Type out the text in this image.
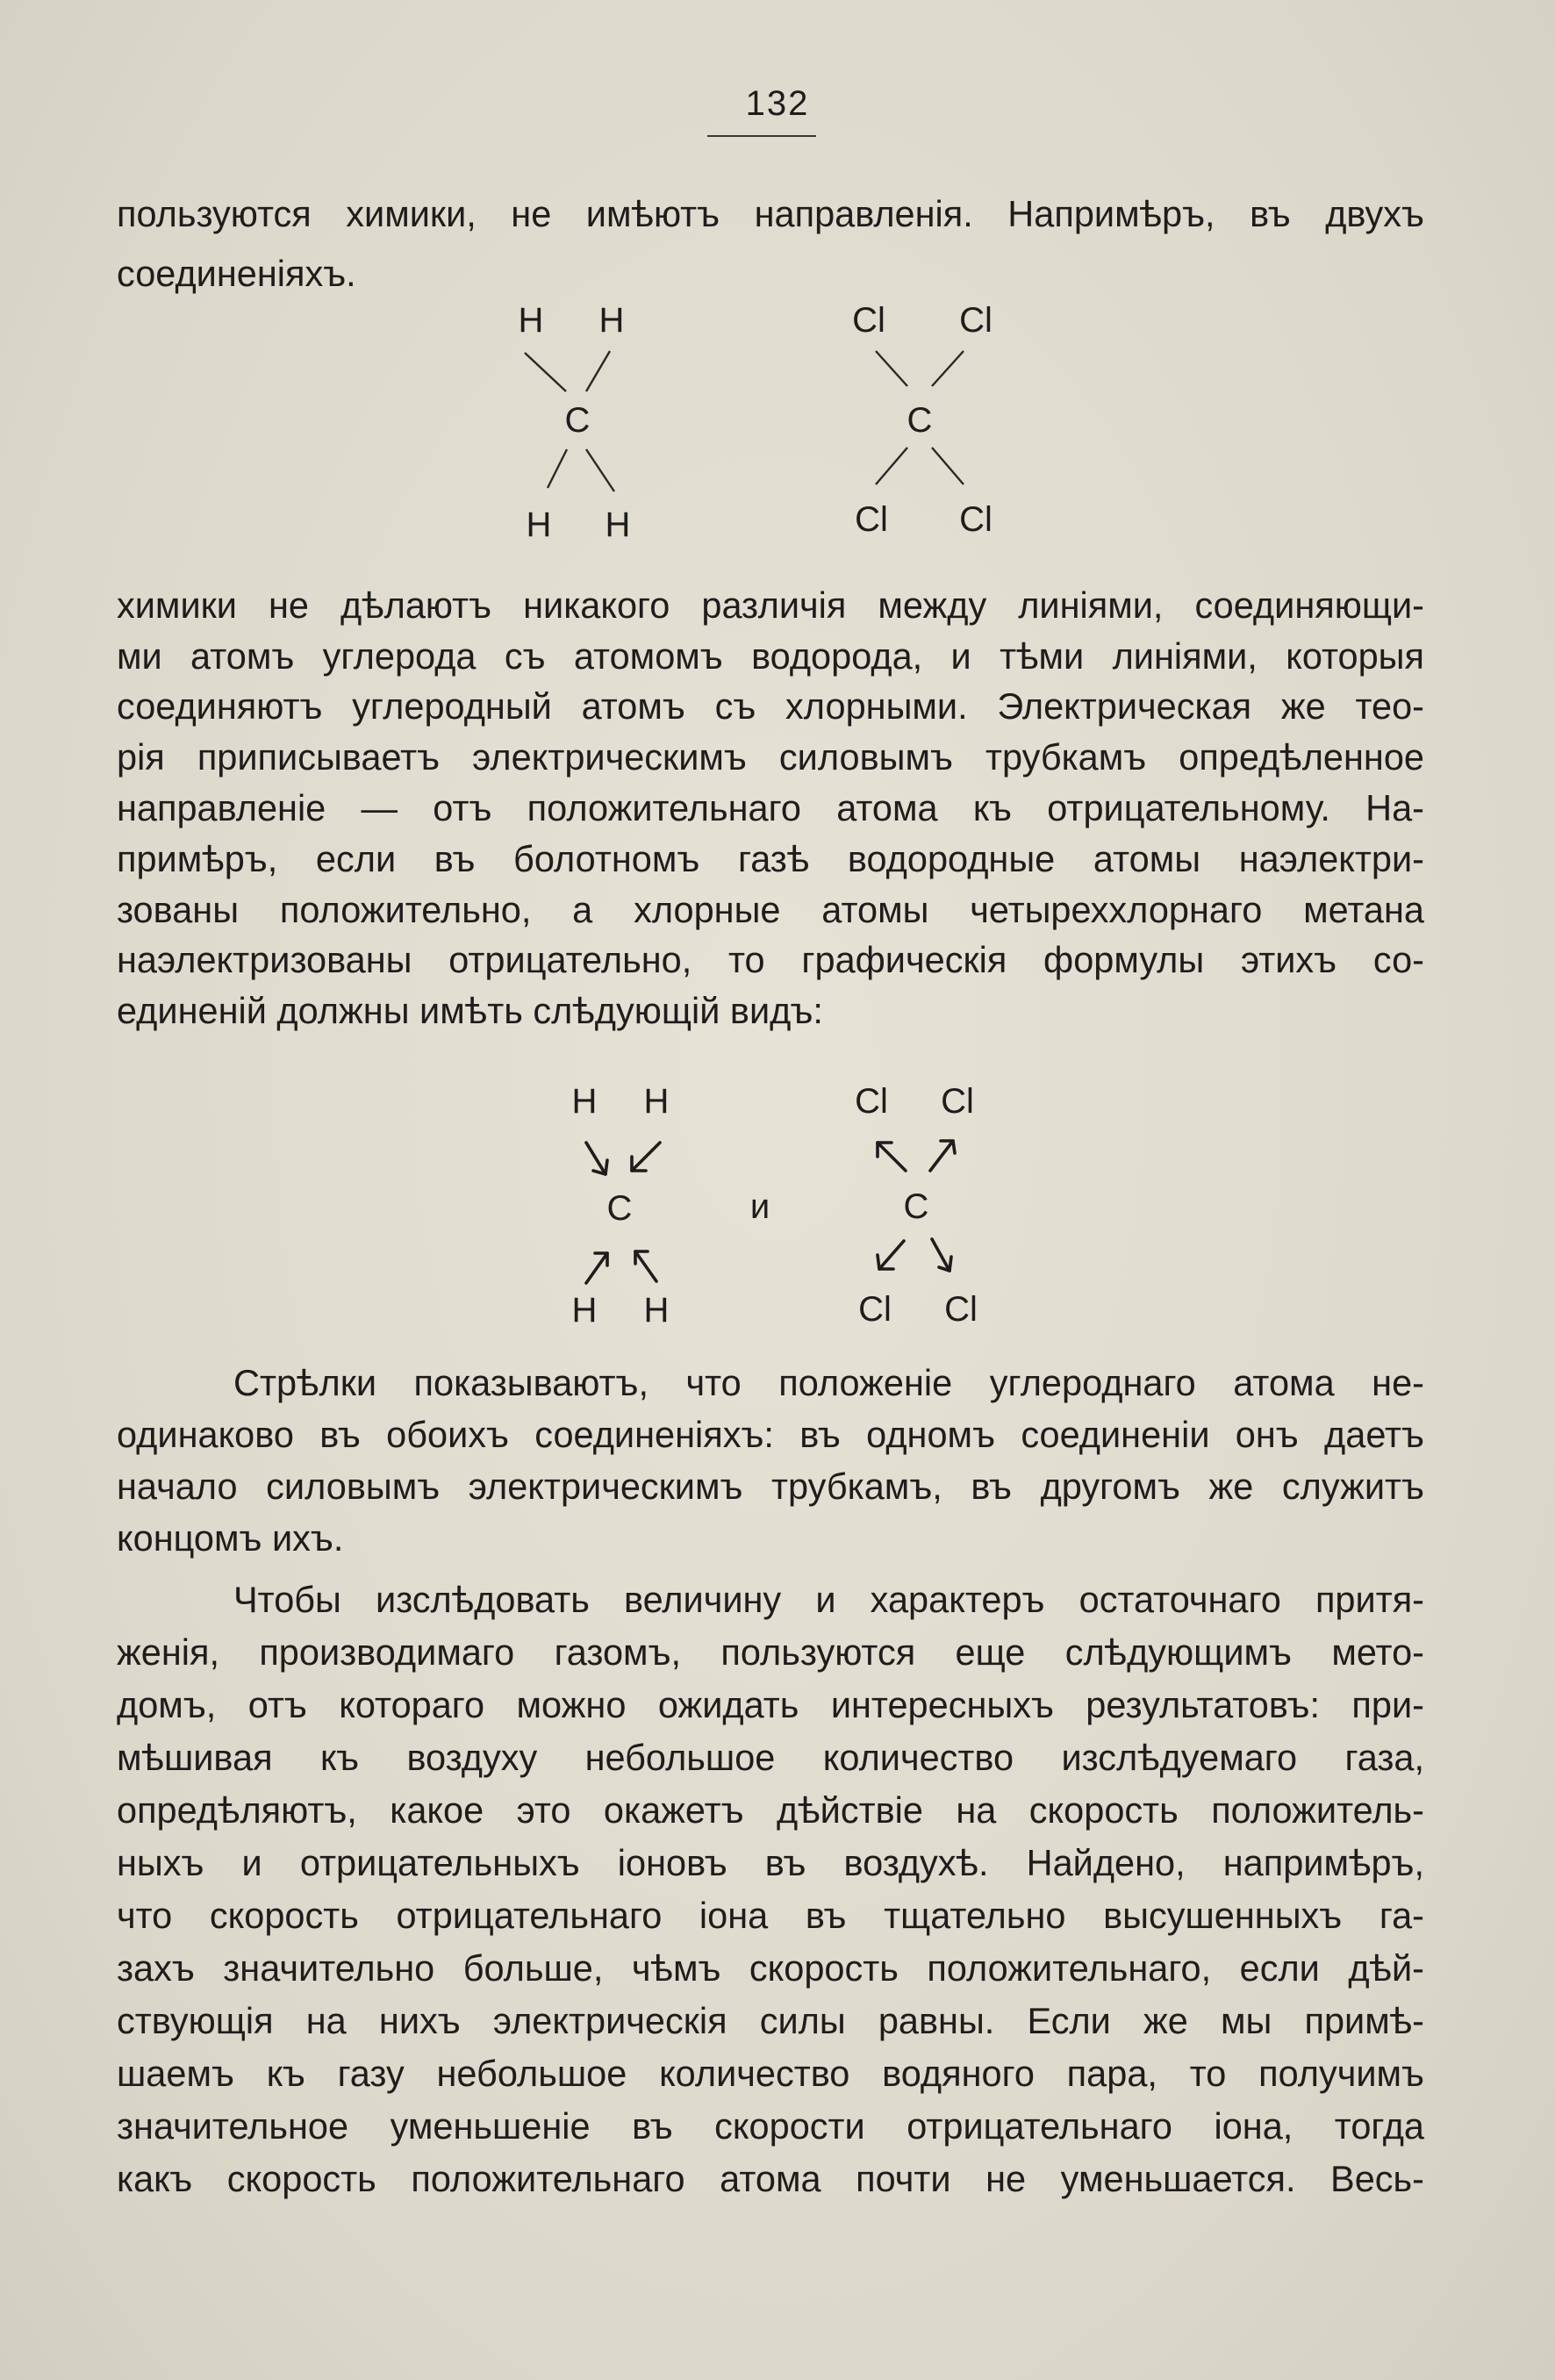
132
пользуются химики, не имѣютъ направленія. Напримѣръ, въ двухъ
соединеніяхъ.
H H
C
H H
Cl Cl
C
Cl Cl
химики не дѣлаютъ никакого различія между линіями, соединяющи-
ми атомъ углерода съ атомомъ водорода, и тѣми линіями, которыя
соединяютъ углеродный атомъ съ хлорными. Электрическая же тео-
рія приписываетъ электрическимъ силовымъ трубкамъ опредѣленное
направленіе — отъ положительнаго атома къ отрицательному. На-
примѣръ, если въ болотномъ газѣ водородные атомы наэлектри-
зованы положительно, а хлорные атомы четыреххлорнаго метана
наэлектризованы отрицательно, то графическія формулы этихъ со-
единеній должны имѣть слѣдующій видъ:
H H
C
H H
и
Cl Cl
C
Cl Cl
Стрѣлки показываютъ, что положеніе углероднаго атома не-
одинаково въ обоихъ соединеніяхъ: въ одномъ соединеніи онъ даетъ
начало силовымъ электрическимъ трубкамъ, въ другомъ же служитъ
концомъ ихъ.
Чтобы изслѣдовать величину и характеръ остаточнаго притя-
женія, производимаго газомъ, пользуются еще слѣдующимъ мето-
домъ, отъ котораго можно ожидать интересныхъ результатовъ: при-
мѣшивая къ воздуху небольшое количество изслѣдуемаго газа,
опредѣляютъ, какое это окажетъ дѣйствіе на скорость положитель-
ныхъ и отрицательныхъ іоновъ въ воздухѣ. Найдено, напримѣръ,
что скорость отрицательнаго іона въ тщательно высушенныхъ га-
захъ значительно больше, чѣмъ скорость положительнаго, если дѣй-
ствующія на нихъ электрическія силы равны. Если же мы примѣ-
шаемъ къ газу небольшое количество водяного пара, то получимъ
значительное уменьшеніе въ скорости отрицательнаго іона, тогда
какъ скорость положительнаго атома почти не уменьшается. Весь-
